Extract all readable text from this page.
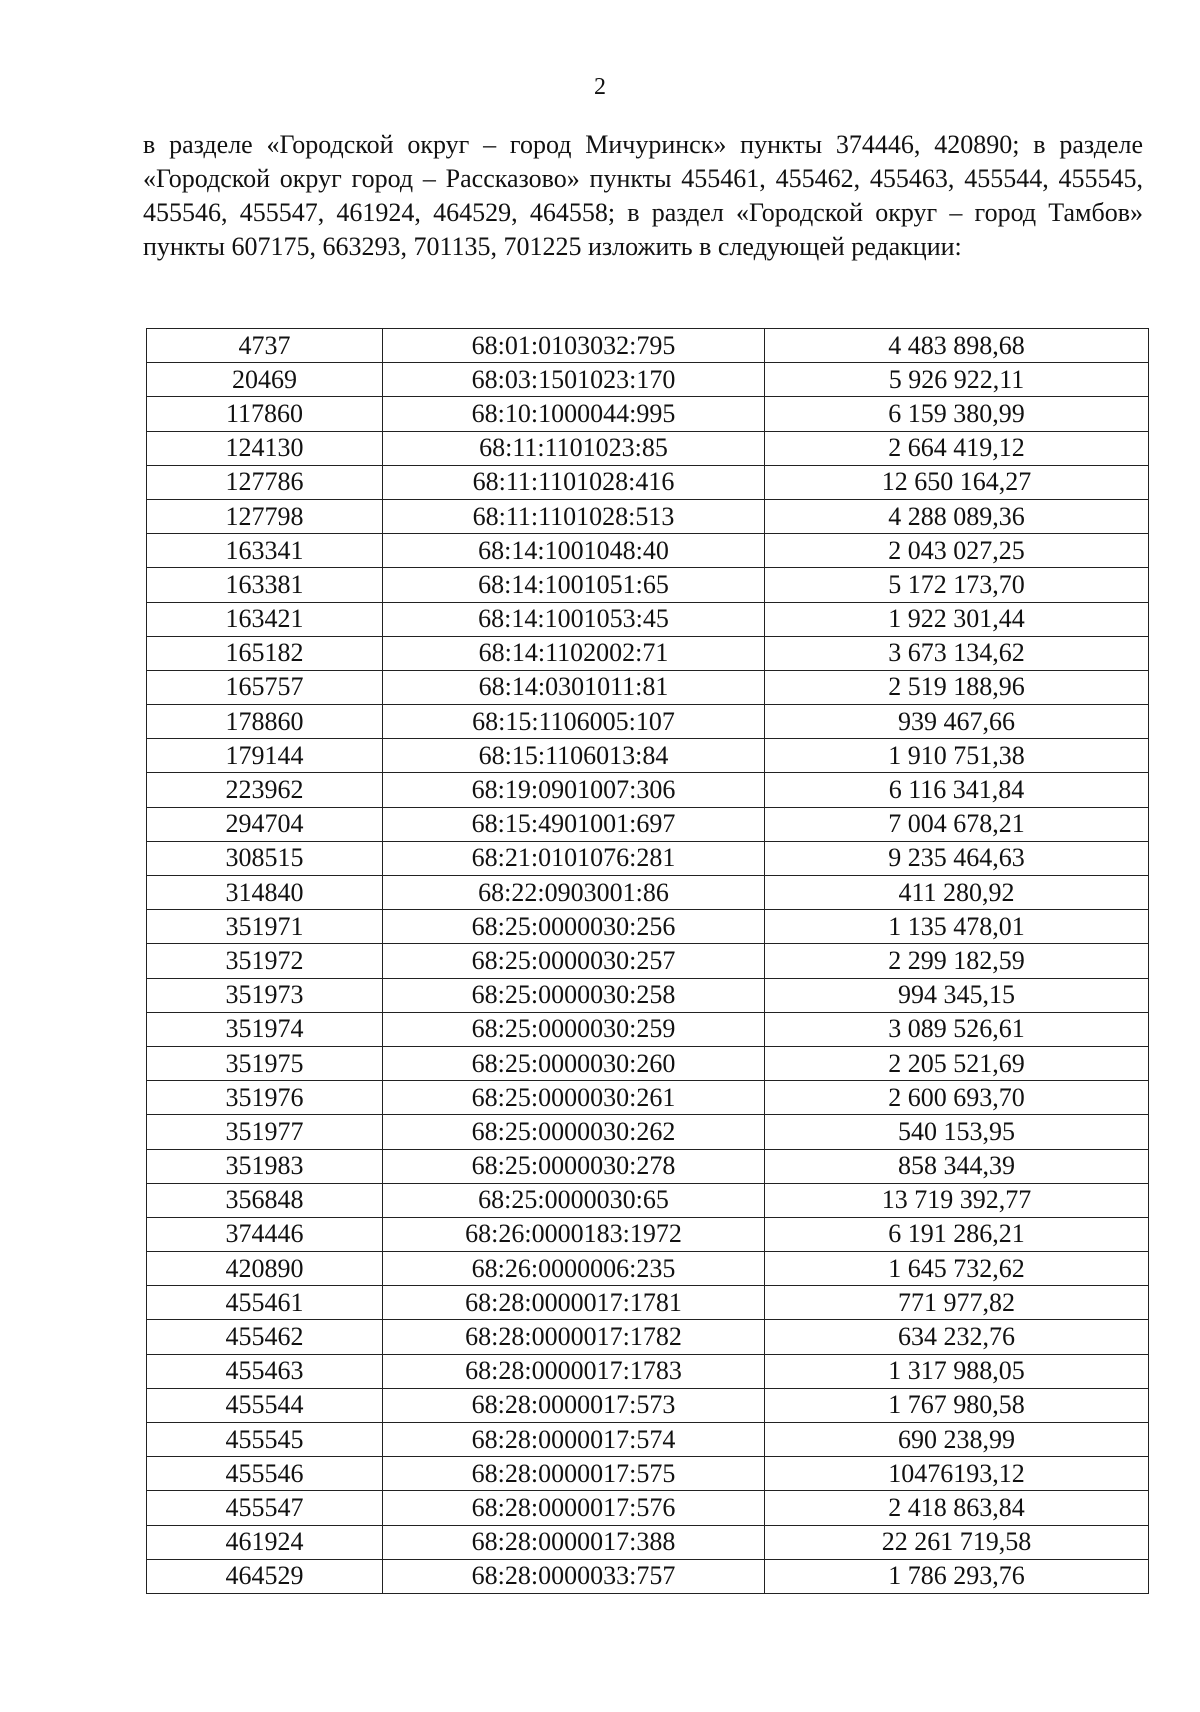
2

в разделе «Городской округ – город Мичуринск» пункты 374446, 420890; в разделе «Городской округ город – Рассказово» пункты 455461, 455462, 455463, 455544, 455545, 455546, 455547, 461924, 464529, 464558; в раздел «Городской округ – город Тамбов» пункты 607175, 663293, 701135, 701225 изложить в следующей редакции:

4737	68:01:0103032:795	4 483 898,68
20469	68:03:1501023:170	5 926 922,11
117860	68:10:1000044:995	6 159 380,99
124130	68:11:1101023:85	2 664 419,12
127786	68:11:1101028:416	12 650 164,27
127798	68:11:1101028:513	4 288 089,36
163341	68:14:1001048:40	2 043 027,25
163381	68:14:1001051:65	5 172 173,70
163421	68:14:1001053:45	1 922 301,44
165182	68:14:1102002:71	3 673 134,62
165757	68:14:0301011:81	2 519 188,96
178860	68:15:1106005:107	939 467,66
179144	68:15:1106013:84	1 910 751,38
223962	68:19:0901007:306	6 116 341,84
294704	68:15:4901001:697	7 004 678,21
308515	68:21:0101076:281	9 235 464,63
314840	68:22:0903001:86	411 280,92
351971	68:25:0000030:256	1 135 478,01
351972	68:25:0000030:257	2 299 182,59
351973	68:25:0000030:258	994 345,15
351974	68:25:0000030:259	3 089 526,61
351975	68:25:0000030:260	2 205 521,69
351976	68:25:0000030:261	2 600 693,70
351977	68:25:0000030:262	540 153,95
351983	68:25:0000030:278	858 344,39
356848	68:25:0000030:65	13 719 392,77
374446	68:26:0000183:1972	6 191 286,21
420890	68:26:0000006:235	1 645 732,62
455461	68:28:0000017:1781	771 977,82
455462	68:28:0000017:1782	634 232,76
455463	68:28:0000017:1783	1 317 988,05
455544	68:28:0000017:573	1 767 980,58
455545	68:28:0000017:574	690 238,99
455546	68:28:0000017:575	10476193,12
455547	68:28:0000017:576	2 418 863,84
461924	68:28:0000017:388	22 261 719,58
464529	68:28:0000033:757	1 786 293,76
